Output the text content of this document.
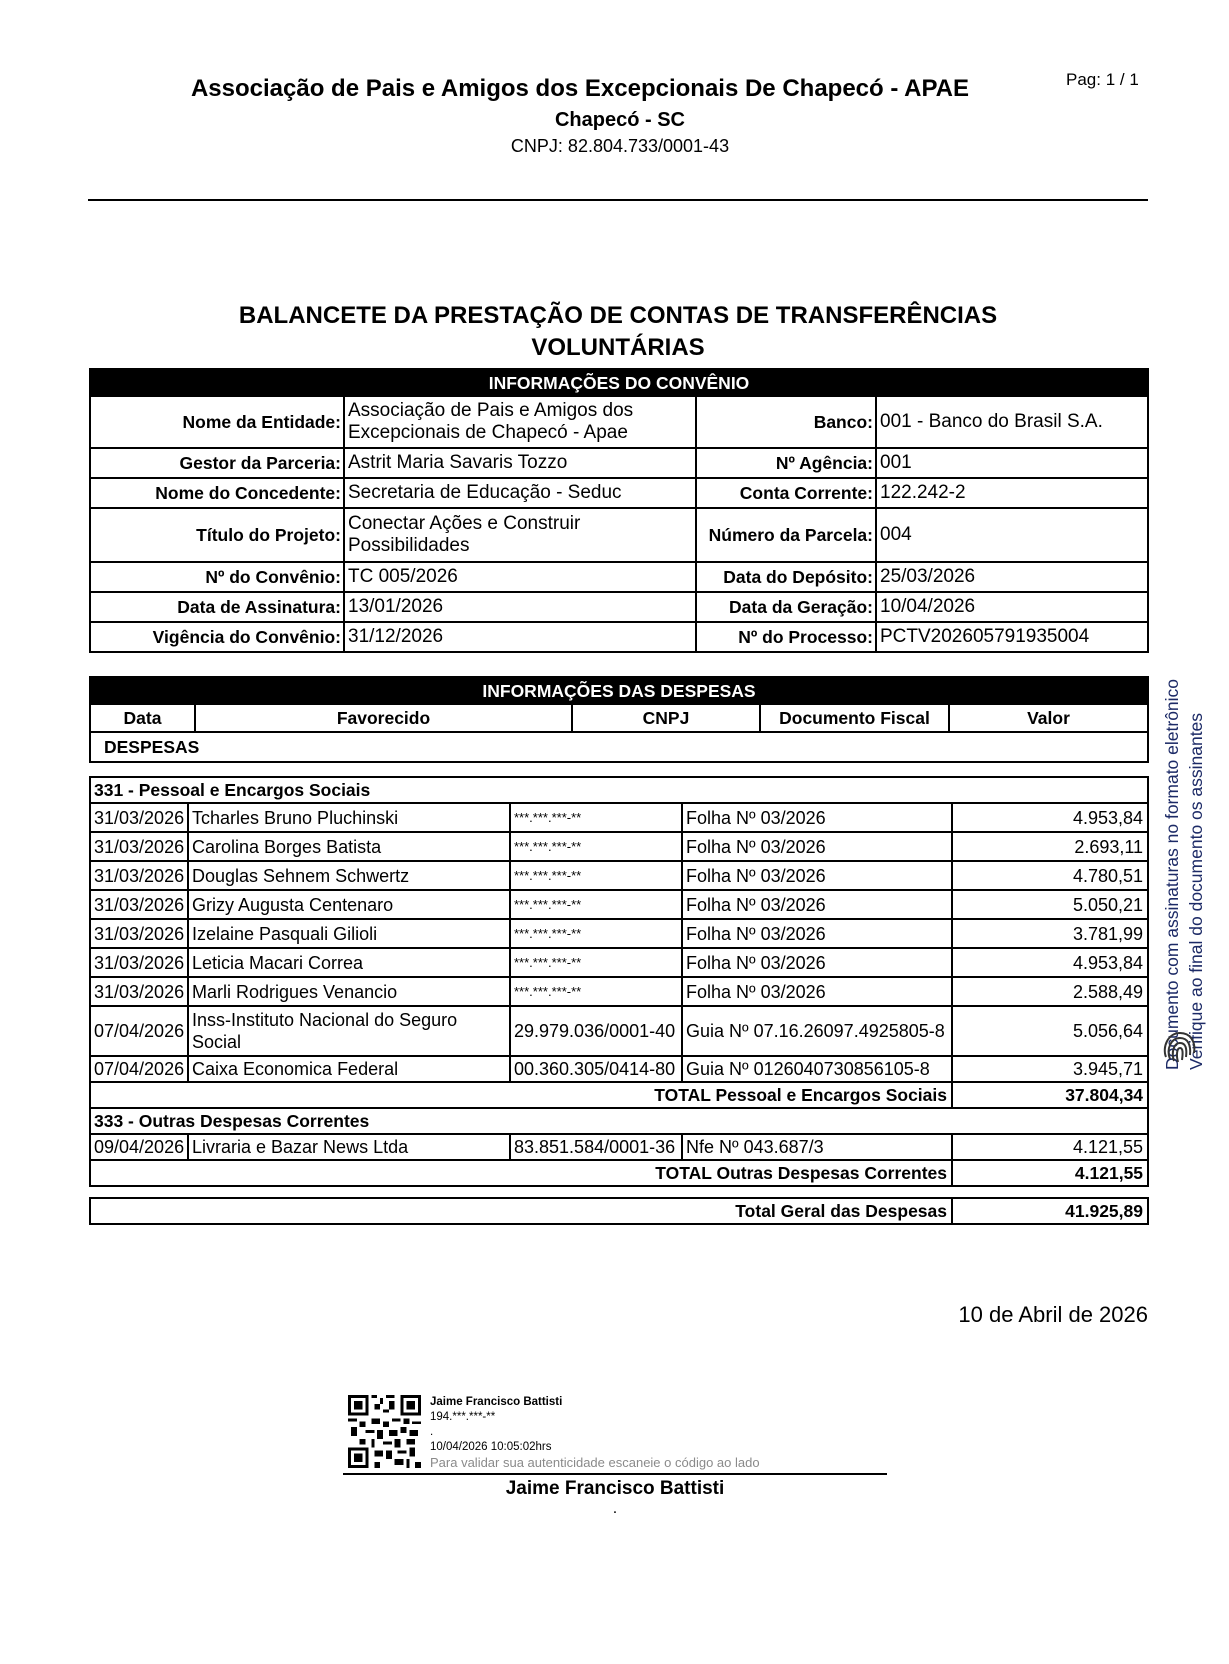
Pag: 1 / 1
Associação de Pais e Amigos dos Excepcionais De Chapecó - APAE
Chapecó - SC
CNPJ: 82.804.733/0001-43
BALANCETE DA PRESTAÇÃO DE CONTAS DE TRANSFERÊNCIAS VOLUNTÁRIAS
INFORMAÇÕES DO CONVÊNIO			
Nome da Entidade:	Associação de Pais e Amigos dos Excepcionais de Chapecó - Apae	Banco:	001 - Banco do Brasil S.A.
Gestor da Parceria:	Astrit Maria Savaris Tozzo	Nº Agência:	001
Nome do Concedente:	Secretaria de Educação - Seduc	Conta Corrente:	122.242-2
Título do Projeto:	Conectar Ações e Construir Possibilidades	Número da Parcela:	004
Nº do Convênio:	TC 005/2026	Data do Depósito:	25/03/2026
Data de Assinatura:	13/01/2026	Data da Geração:	10/04/2026
Vigência do Convênio:	31/12/2026	Nº do Processo:	PCTV202605791935004
INFORMAÇÕES DAS DESPESAS
Data	Favorecido	CNPJ	Documento Fiscal	Valor
DESPESAS
331 - Pessoal e Encargos Sociais				
31/03/2026	Tcharles Bruno Pluchinski	***.***.***-**	Folha Nº 03/2026	4.953,84
31/03/2026	Carolina Borges Batista	***.***.***-**	Folha Nº 03/2026	2.693,11
31/03/2026	Douglas Sehnem Schwertz	***.***.***-**	Folha Nº 03/2026	4.780,51
31/03/2026	Grizy Augusta Centenaro	***.***.***-**	Folha Nº 03/2026	5.050,21
31/03/2026	Izelaine Pasquali Gilioli	***.***.***-**	Folha Nº 03/2026	3.781,99
31/03/2026	Leticia Macari Correa	***.***.***-**	Folha Nº 03/2026	4.953,84
31/03/2026	Marli Rodrigues Venancio	***.***.***-**	Folha Nº 03/2026	2.588,49
07/04/2026	Inss-Instituto Nacional do Seguro Social	29.979.036/0001-40	Guia Nº 07.16.26097.4925805-8	5.056,64
07/04/2026	Caixa Economica Federal	00.360.305/0414-80	Guia Nº 0126040730856105-8	3.945,71
TOTAL Pessoal e Encargos Sociais				37.804,34
333 - Outras Despesas Correntes				
09/04/2026	Livraria e Bazar News Ltda	83.851.584/0001-36	Nfe Nº 043.687/3	4.121,55
TOTAL Outras Despesas Correntes				4.121,55
Total Geral das Despesas	41.925,89
10 de Abril de 2026
Jaime Francisco Battisti
194.***.***-**
.
10/04/2026 10:05:02hrs
Para validar sua autenticidade escaneie o código ao lado
Jaime Francisco Battisti
.
Documento com assinaturas no formato eletrônico Verifique ao final do documento os assinantes
